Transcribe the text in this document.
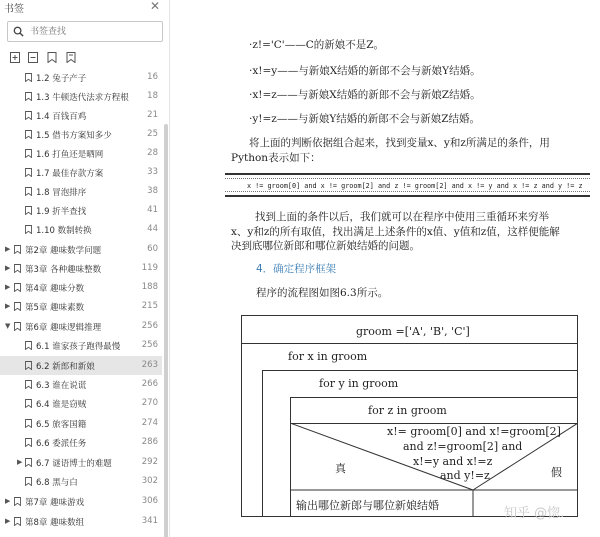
书签	✕
书签查找
1.2 兔子产子	16
1.3 牛顿迭代法求方程根 18
1.4 百钱百鸡	21
1.5 借书方案知多少	25
1.6 打鱼还是晒网	28
1.7 最佳存款方案	33
1.8 冒泡排序	38
1.9 折半查找	41
1.10 数制转换	44
▶ 第2章 趣味数学问题	60
▶ 第3章 各种趣味整数	119
▶ 第4章 趣味分数	188
▶ 第5章 趣味素数	215
▼ 第6章 趣味逻辑推理	256
6.1 谁家孩子跑得最慢	256
6.2 新郎和新娘	263
6.3 谁在说谎	266
6.4 谁是窃贼	270
6.5 旅客国籍	274
6.6 委派任务	286
▶ 6.7 谜语博士的难题	292
6.8 黑与白	302
▶ 第7章 趣味游戏	306
▶ 第8章 趣味数组	341
·z!='C'——C的新娘不是Z。
·x!=y——与新娘X结婚的新郎不会与新娘Y结婚。
·x!=z——与新娘X结婚的新郎不会与新娘Z结婚。
·y!=z——与新娘Y结婚的新郎不会与新娘Z结婚。
将上面的判断依据组合起来，找到变量x、y和z所满足的条件，用
Python表示如下：
x != groom[0] and x != groom[2] and z != groom[2] and x != y and x != z and y != z
找到上面的条件以后，我们就可以在程序中使用三重循环来穷举
x、y和z的所有取值，找出满足上述条件的x值、y值和z值，这样便能解
决到底哪位新郎和哪位新娘结婚的问题。
4．确定程序框架
程序的流程图如图6.3所示。
groom =['A', 'B', 'C']
for x in groom
for y in groom
for z in groom
x!= groom[0] and x!=groom[2]
and z!=groom[2] and
x!=y and x!=z
and y!=z
真	假
输出哪位新郎与哪位新娘结婚
知乎 @惚.
